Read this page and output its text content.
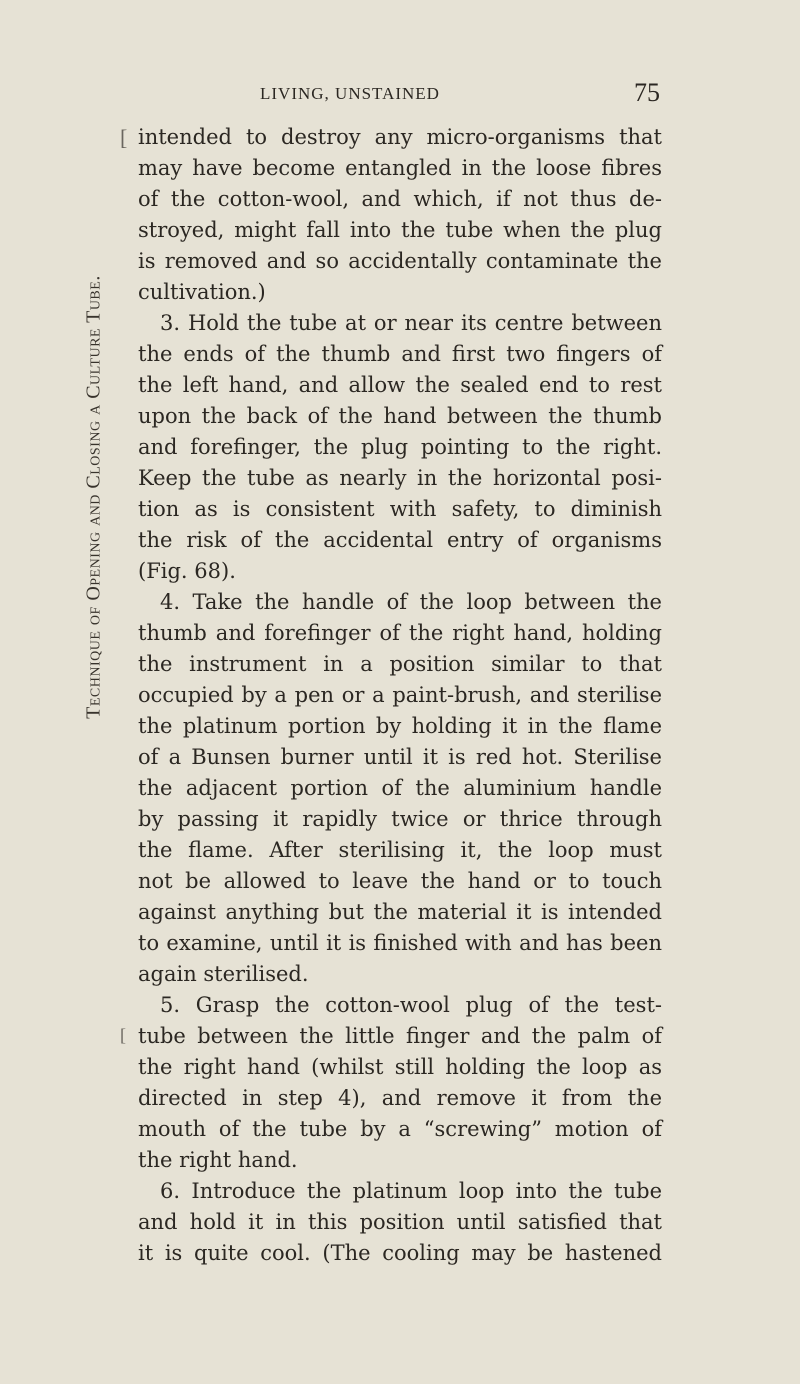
LIVING, UNSTAINED	75
Technique of Opening and Closing a Culture Tube.
[
[
intended to destroy any micro-organisms that
may have become entangled in the loose fibres
of the cotton-wool, and which, if not thus de-
stroyed, might fall into the tube when the plug
is removed and so accidentally contaminate the
cultivation.)
3. Hold the tube at or near its centre between
the ends of the thumb and first two fingers of
the left hand, and allow the sealed end to rest
upon the back of the hand between the thumb
and forefinger, the plug pointing to the right.
Keep the tube as nearly in the horizontal posi-
tion as is consistent with safety, to diminish
the risk of the accidental entry of organisms
(Fig. 68).
4. Take the handle of the loop between the
thumb and forefinger of the right hand, holding
the instrument in a position similar to that
occupied by a pen or a paint-brush, and sterilise
the platinum portion by holding it in the flame
of a Bunsen burner until it is red hot. Sterilise
the adjacent portion of the aluminium handle
by passing it rapidly twice or thrice through
the flame. After sterilising it, the loop must
not be allowed to leave the hand or to touch
against anything but the material it is intended
to examine, until it is finished with and has been
again sterilised.
5. Grasp the cotton-wool plug of the test-
tube between the little finger and the palm of
the right hand (whilst still holding the loop as
directed in step 4), and remove it from the
mouth of the tube by a “screwing” motion of
the right hand.
6. Introduce the platinum loop into the tube
and hold it in this position until satisfied that
it is quite cool. (The cooling may be hastened
